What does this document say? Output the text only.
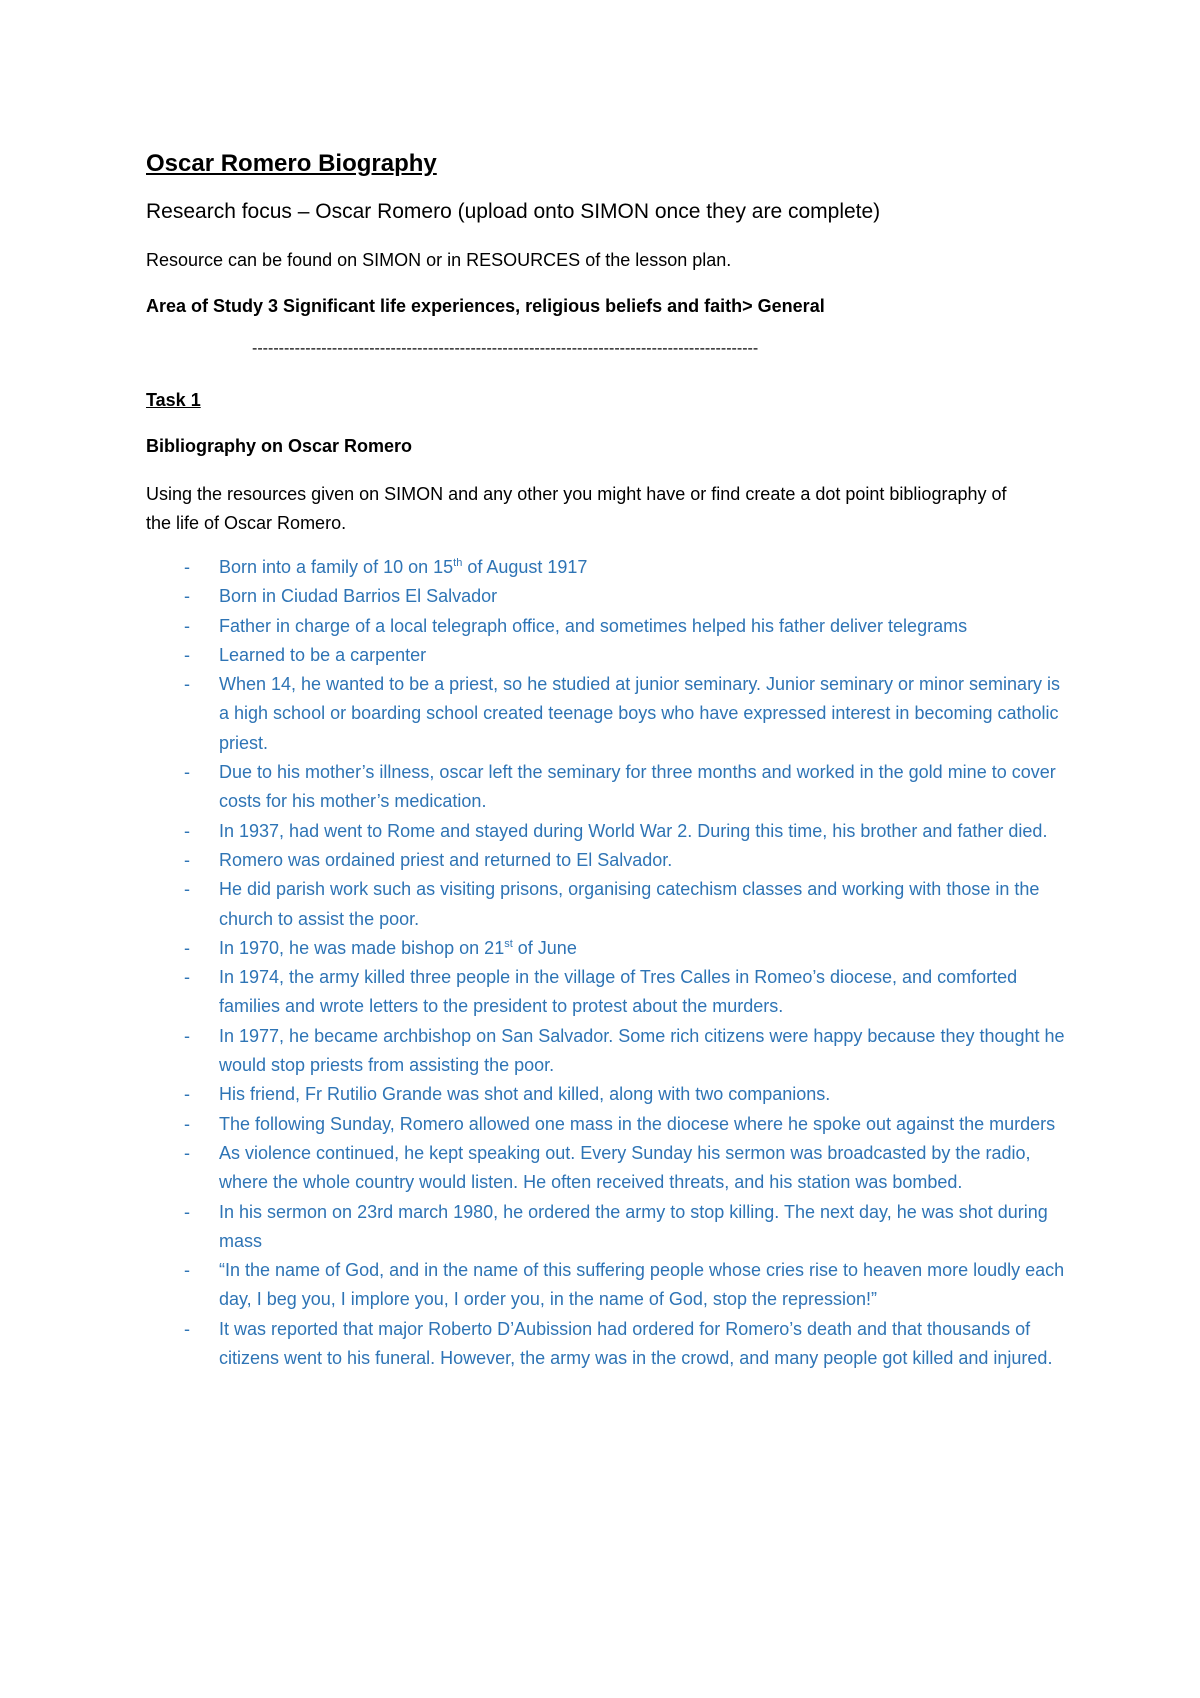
Oscar Romero Biography

Research focus – Oscar Romero (upload onto SIMON once they are complete)

Resource can be found on SIMON or in RESOURCES of the lesson plan.

Area of Study 3 Significant life experiences, religious beliefs and faith> General

-----------------------------------------------------------------------------------------------

Task 1

Bibliography on Oscar Romero

Using the resources given on SIMON and any other you might have or find create a dot point bibliography of the life of Oscar Romero.

- Born into a family of 10 on 15th of August 1917
- Born in Ciudad Barrios El Salvador
- Father in charge of a local telegraph office, and sometimes helped his father deliver telegrams
- Learned to be a carpenter
- When 14, he wanted to be a priest, so he studied at junior seminary. Junior seminary or minor seminary is a high school or boarding school created teenage boys who have expressed interest in becoming catholic priest.
- Due to his mother’s illness, oscar left the seminary for three months and worked in the gold mine to cover costs for his mother’s medication.
- In 1937, had went to Rome and stayed during World War 2. During this time, his brother and father died.
- Romero was ordained priest and returned to El Salvador.
- He did parish work such as visiting prisons, organising catechism classes and working with those in the church to assist the poor.
- In 1970, he was made bishop on 21st of June
- In 1974, the army killed three people in the village of Tres Calles in Romeo’s diocese, and comforted families and wrote letters to the president to protest about the murders.
- In 1977, he became archbishop on San Salvador. Some rich citizens were happy because they thought he would stop priests from assisting the poor.
- His friend, Fr Rutilio Grande was shot and killed, along with two companions.
- The following Sunday, Romero allowed one mass in the diocese where he spoke out against the murders
- As violence continued, he kept speaking out. Every Sunday his sermon was broadcasted by the radio, where the whole country would listen. He often received threats, and his station was bombed.
- In his sermon on 23rd march 1980, he ordered the army to stop killing. The next day, he was shot during mass
- “In the name of God, and in the name of this suffering people whose cries rise to heaven more loudly each day, I beg you, I implore you, I order you, in the name of God, stop the repression!”
- It was reported that major Roberto D’Aubission had ordered for Romero’s death and that thousands of citizens went to his funeral. However, the army was in the crowd, and many people got killed and injured.
